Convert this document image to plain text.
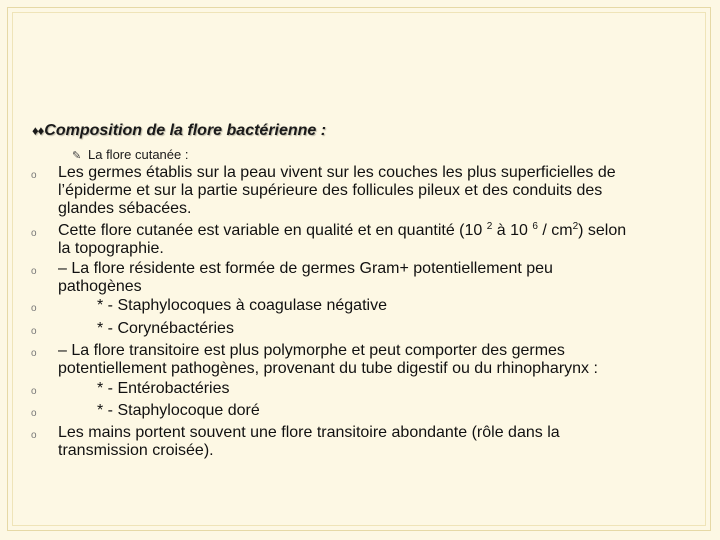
♦♦Composition de la flore bactérienne :
✎ La flore cutanée :
o Les germes établis sur la peau vivent sur les couches les plus superficielles de
l’épiderme et sur la partie supérieure des follicules pileux et des conduits des
glandes sébacées.
o Cette flore cutanée est variable en qualité et en quantité (10 $^2$ à 10 $^6 / cm^2$) selon
la topographie.
o – La flore résidente est formée de germes Gram+ potentiellement peu
pathogènes
o	* - Staphylocoques à coagulase négative
o	* - Corynébactéries
o – La flore transitoire est plus polymorphe et peut comporter des germes
potentiellement pathogènes, provenant du tube digestif ou du rhinopharynx :
o	* - Entérobactéries
o	* - Staphylocoque doré
o Les mains portent souvent une flore transitoire abondante (rôle dans la
transmission croisée).
